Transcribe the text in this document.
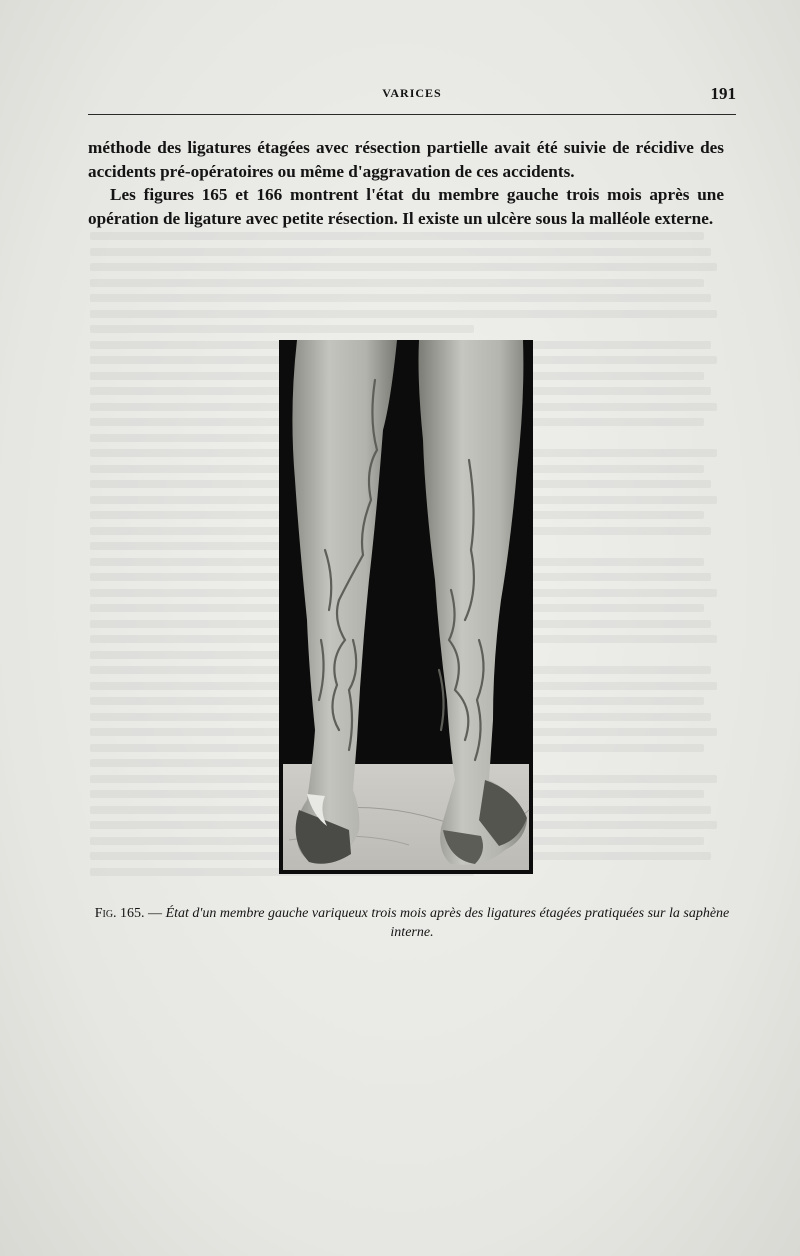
VARICES	191

méthode des ligatures étagées avec résection partielle avait été suivie de récidive des accidents pré-opératoires ou même d'aggravation de ces accidents.

Les figures 165 et 166 montrent l'état du membre gauche trois mois après une opération de ligature avec petite résection. Il existe un ulcère sous la malléole externe.

Fig. 165. — État d'un membre gauche variqueux trois mois après des ligatures étagées pratiquées sur la saphène interne.
